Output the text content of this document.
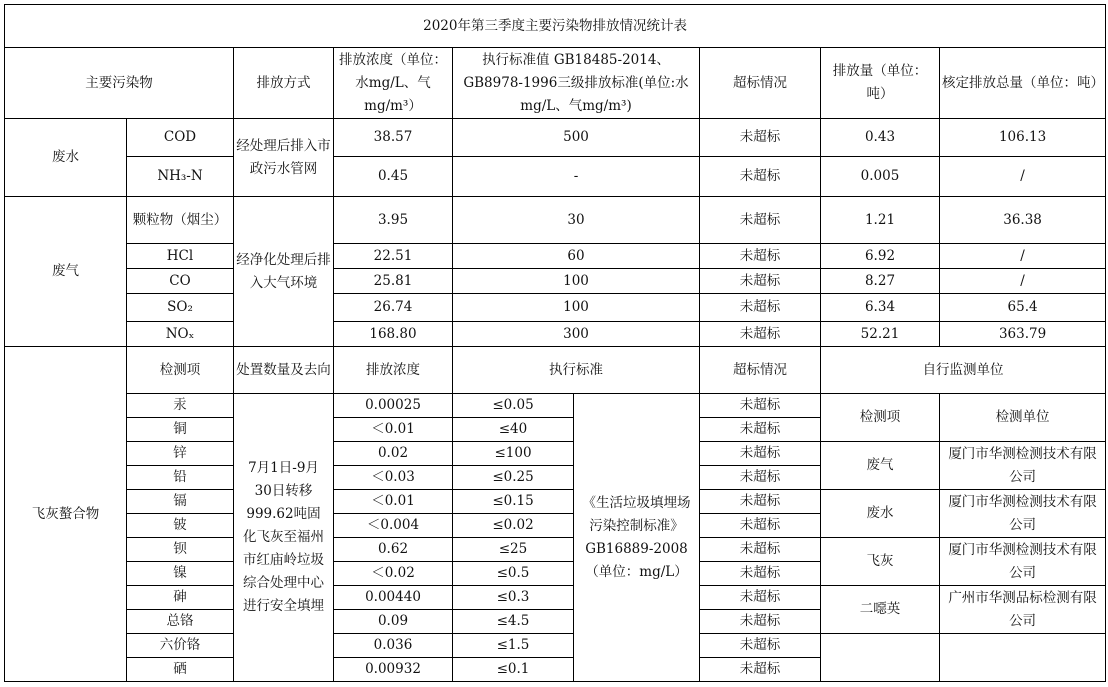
2020年第三季度主要污染物排放情况统计表								
主要污染物		排放方式	排放浓度（单位：水mg/L、气mg/m³）	执行标准值 GB18485-2014、GB8978-1996三级排放标准(单位:水mg/L、气mg/m³)		超标情况	排放量（单位：吨）	核定排放总量（单位：吨）
废水	COD	经处理后排入市政污水管网	38.57	500		未超标	0.43	106.13
	NH₃-N		0.45	-		未超标	0.005	/
废气	颗粒物（烟尘）	经净化处理后排入大气环境	3.95	30		未超标	1.21	36.38
	HCl		22.51	60		未超标	6.92	/
	CO		25.81	100		未超标	8.27	/
	SO₂		26.74	100		未超标	6.34	65.4
	NOₓ		168.80	300		未超标	52.21	363.79
飞灰螯合物	检测项	处置数量及去向	排放浓度	执行标准		超标情况	自行监测单位	
	汞	7月1日-9月30日转移999.62吨固化飞灰至福州市红庙岭垃圾综合处理中心进行安全填埋	0.00025	≤0.05	《生活垃圾填埋场污染控制标准》GB16889-2008（单位：mg/L）	未超标	检测项	检测单位
	铜		＜0.01	≤40		未超标		
	锌		0.02	≤100		未超标	废气	厦门市华测检测技术有限公司
	铅		＜0.03	≤0.25		未超标		
	镉		＜0.01	≤0.15		未超标	废水	厦门市华测检测技术有限公司
	铍		＜0.004	≤0.02		未超标		
	钡		0.62	≤25		未超标	飞灰	厦门市华测检测技术有限公司
	镍		＜0.02	≤0.5		未超标		
	砷		0.00440	≤0.3		未超标	二噁英	广州市华测品标检测有限公司
	总铬		0.09	≤4.5		未超标		
	六价铬		0.036	≤1.5		未超标		
	硒		0.00932	≤0.1		未超标		
